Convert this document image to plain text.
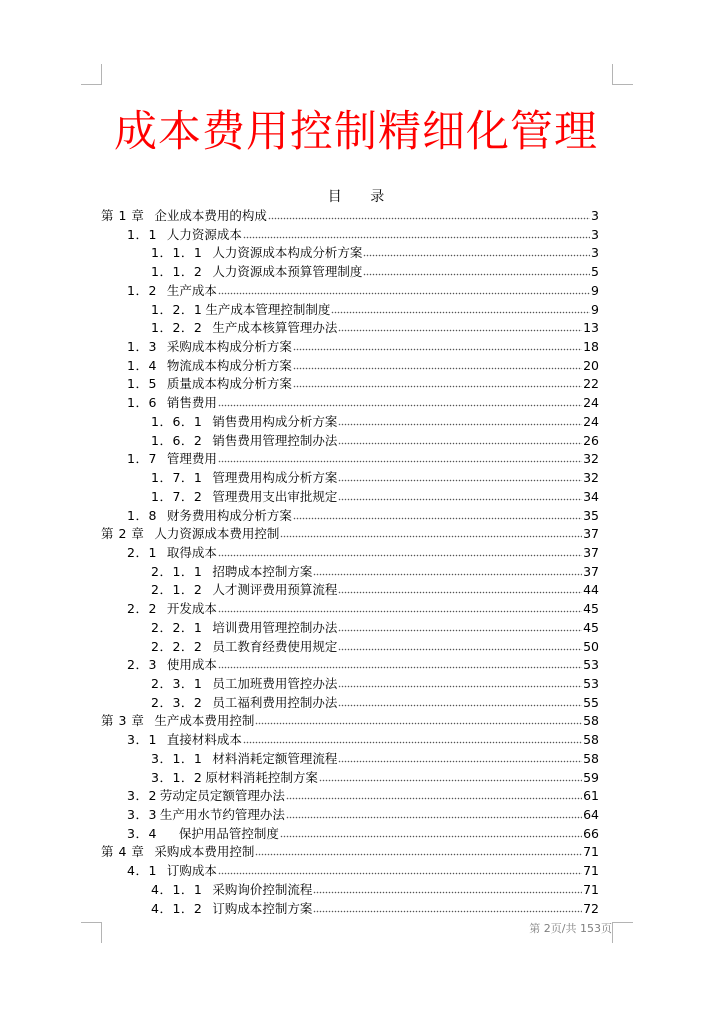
成本费用控制精细化管理
目 录
第 1 章 企业成本费用的构成	3
1．1 人力资源成本	3
1．1．1 人力资源成本构成分析方案	3
1．1．2 人力资源成本预算管理制度	5
1．2 生产成本	9
1．2．1 生产成本管理控制制度	9
1．2．2 生产成本核算管理办法	13
1．3 采购成本构成分析方案	18
1．4 物流成本构成分析方案	20
1．5 质量成本构成分析方案	22
1．6 销售费用	24
1．6．1 销售费用构成分析方案	24
1．6．2 销售费用管理控制办法	26
1．7 管理费用	32
1．7．1 管理费用构成分析方案	32
1．7．2 管理费用支出审批规定	34
1．8 财务费用构成分析方案	35
第 2 章 人力资源成本费用控制	37
2．1 取得成本	37
2．1．1 招聘成本控制方案	37
2．1．2 人才测评费用预算流程	44
2．2 开发成本	45
2．2．1 培训费用管理控制办法	45
2．2．2 员工教育经费使用规定	50
2．3 使用成本	53
2．3．1 员工加班费用管控办法	53
2．3．2 员工福利费用控制办法	55
第 3 章 生产成本费用控制	58
3．1 直接材料成本	58
3．1．1 材料消耗定额管理流程	58
3．1．2 原材料消耗控制方案	59
3．2 劳动定员定额管理办法	61
3．3 生产用水节约管理办法	64
3．4 保护用品管控制度	66
第 4 章 采购成本费用控制	71
4．1 订购成本	71
4．1．1 采购询价控制流程	71
4．1．2 订购成本控制方案	72
第 2页/共 153页
